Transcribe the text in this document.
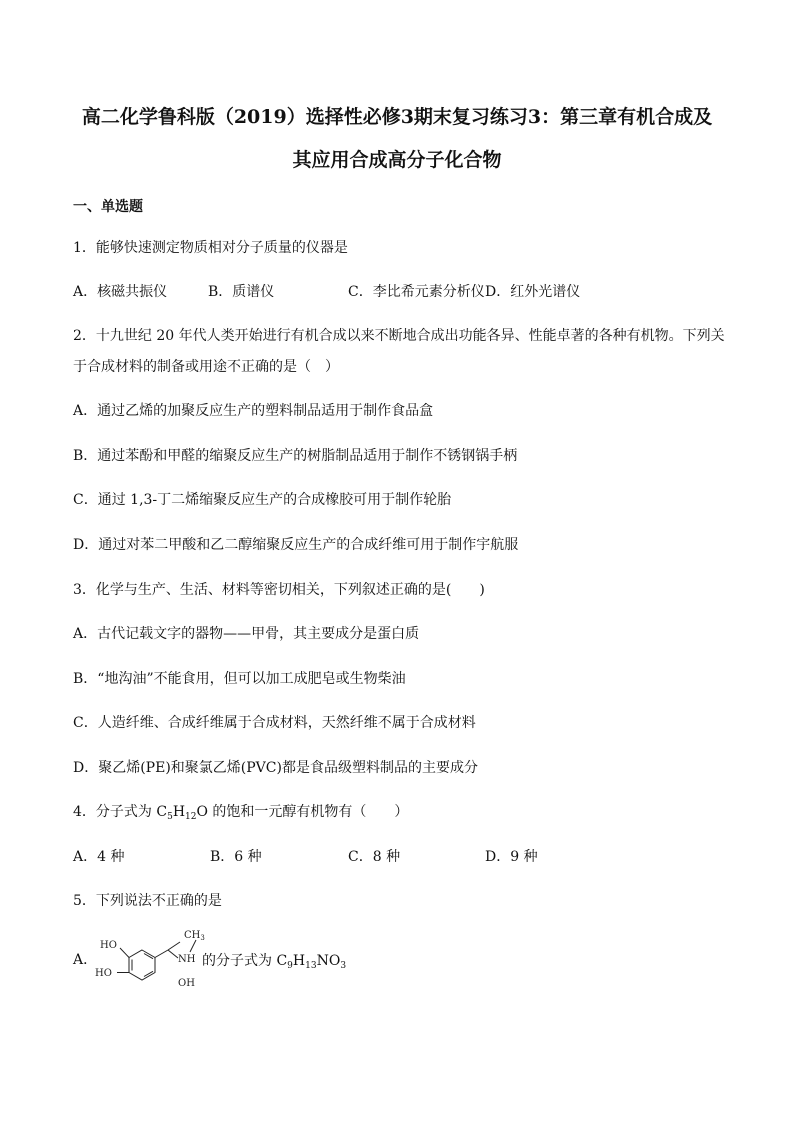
高二化学鲁科版（2019）选择性必修3期末复习练习3：第三章有机合成及
其应用合成高分子化合物
一、单选题
1．能够快速测定物质相对分子质量的仪器是
A．核磁共振仪	B．质谱仪	C．李比希元素分析仪 D．红外光谱仪
2．十九世纪 20 年代人类开始进行有机合成以来不断地合成出功能各异、性能卓著的各种有机物。下列关
于合成材料的制备或用途不正确的是（　）
A．通过乙烯的加聚反应生产的塑料制品适用于制作食品盒
B．通过苯酚和甲醛的缩聚反应生产的树脂制品适用于制作不锈钢锅手柄
C．通过 1,3-丁二烯缩聚反应生产的合成橡胶可用于制作轮胎
D．通过对苯二甲酸和乙二醇缩聚反应生产的合成纤维可用于制作宇航服
3．化学与生产、生活、材料等密切相关，下列叙述正确的是(　　)
A．古代记载文字的器物——甲骨，其主要成分是蛋白质
B．“地沟油”不能食用，但可以加工成肥皂或生物柴油
C．人造纤维、合成纤维属于合成材料，天然纤维不属于合成材料
D．聚乙烯(PE)和聚氯乙烯(PVC)都是食品级塑料制品的主要成分
4．分子式为 $C_5H_{12}O$ 的饱和一元醇有机物有（　　）
A．4 种	B．6 种	C．8 种	D．9 种
5．下列说法不正确的是
A．
HO
HO
NH
$CH_3$
OH
的分子式为 $C_9H_{13}NO_3$
